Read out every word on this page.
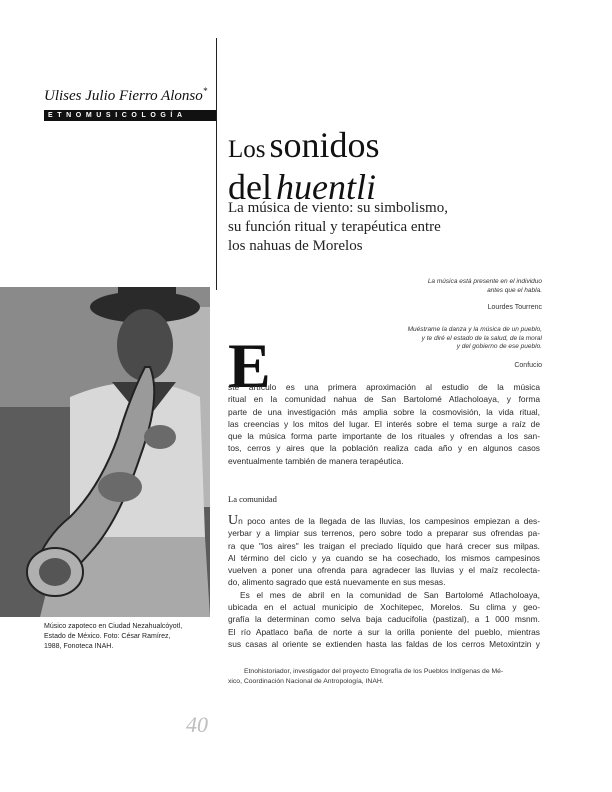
Ulises Julio Fierro Alonso*
ETNOMUSICOLOGÍA
Los sonidos
del huentli
La música de viento: su simbolismo,
su función ritual y terapéutica entre
los nahuas de Morelos
La música está presente en el individuo
antes que el habla.
Lourdes Tourrenc
Muéstrame la danza y la música de un pueblo,
y te diré el estado de la salud, de la moral
y del gobierno de ese pueblo.
Confucio
Músico zapoteco en Ciudad Nezahualcóyotl,
Estado de México. Foto: César Ramírez,
1988, Fonoteca INAH.
E
ste artículo es una primera aproximación al estudio de la música
ritual en la comunidad nahua de San Bartolomé Atlacholoaya, y forma
parte de una investigación más amplia sobre la cosmovisión, la vida ritual,
las creencias y los mitos del lugar. El interés sobre el tema surge a raíz de
que la música forma parte importante de los rituales y ofrendas a los san-
tos, cerros y aires que la población realiza cada año y en algunos casos
eventualmente también de manera terapéutica.
La comunidad
Un poco antes de la llegada de las lluvias, los campesinos empiezan a des-
yerbar y a limpiar sus terrenos, pero sobre todo a preparar sus ofrendas pa-
ra que "los aires" les traigan el preciado líquido que hará crecer sus milpas.
Al término del ciclo y ya cuando se ha cosechado, los mismos campesinos
vuelven a poner una ofrenda para agradecer las lluvias y el maíz recolecta-
do, alimento sagrado que está nuevamente en sus mesas.
Es el mes de abril en la comunidad de San Bartolomé Atlacholoaya,
ubicada en el actual municipio de Xochitepec, Morelos. Su clima y geo-
grafía la determinan como selva baja caducifolia (pastizal), a 1 000 msnm.
El río Apatlaco baña de norte a sur la orilla poniente del pueblo, mientras
sus casas al oriente se extienden hasta las faldas de los cerros Metoxintzin y
Etnohistoriador, investigador del proyecto Etnografía de los Pueblos Indígenas de Mé-
xico, Coordinación Nacional de Antropología, INAH.
40
